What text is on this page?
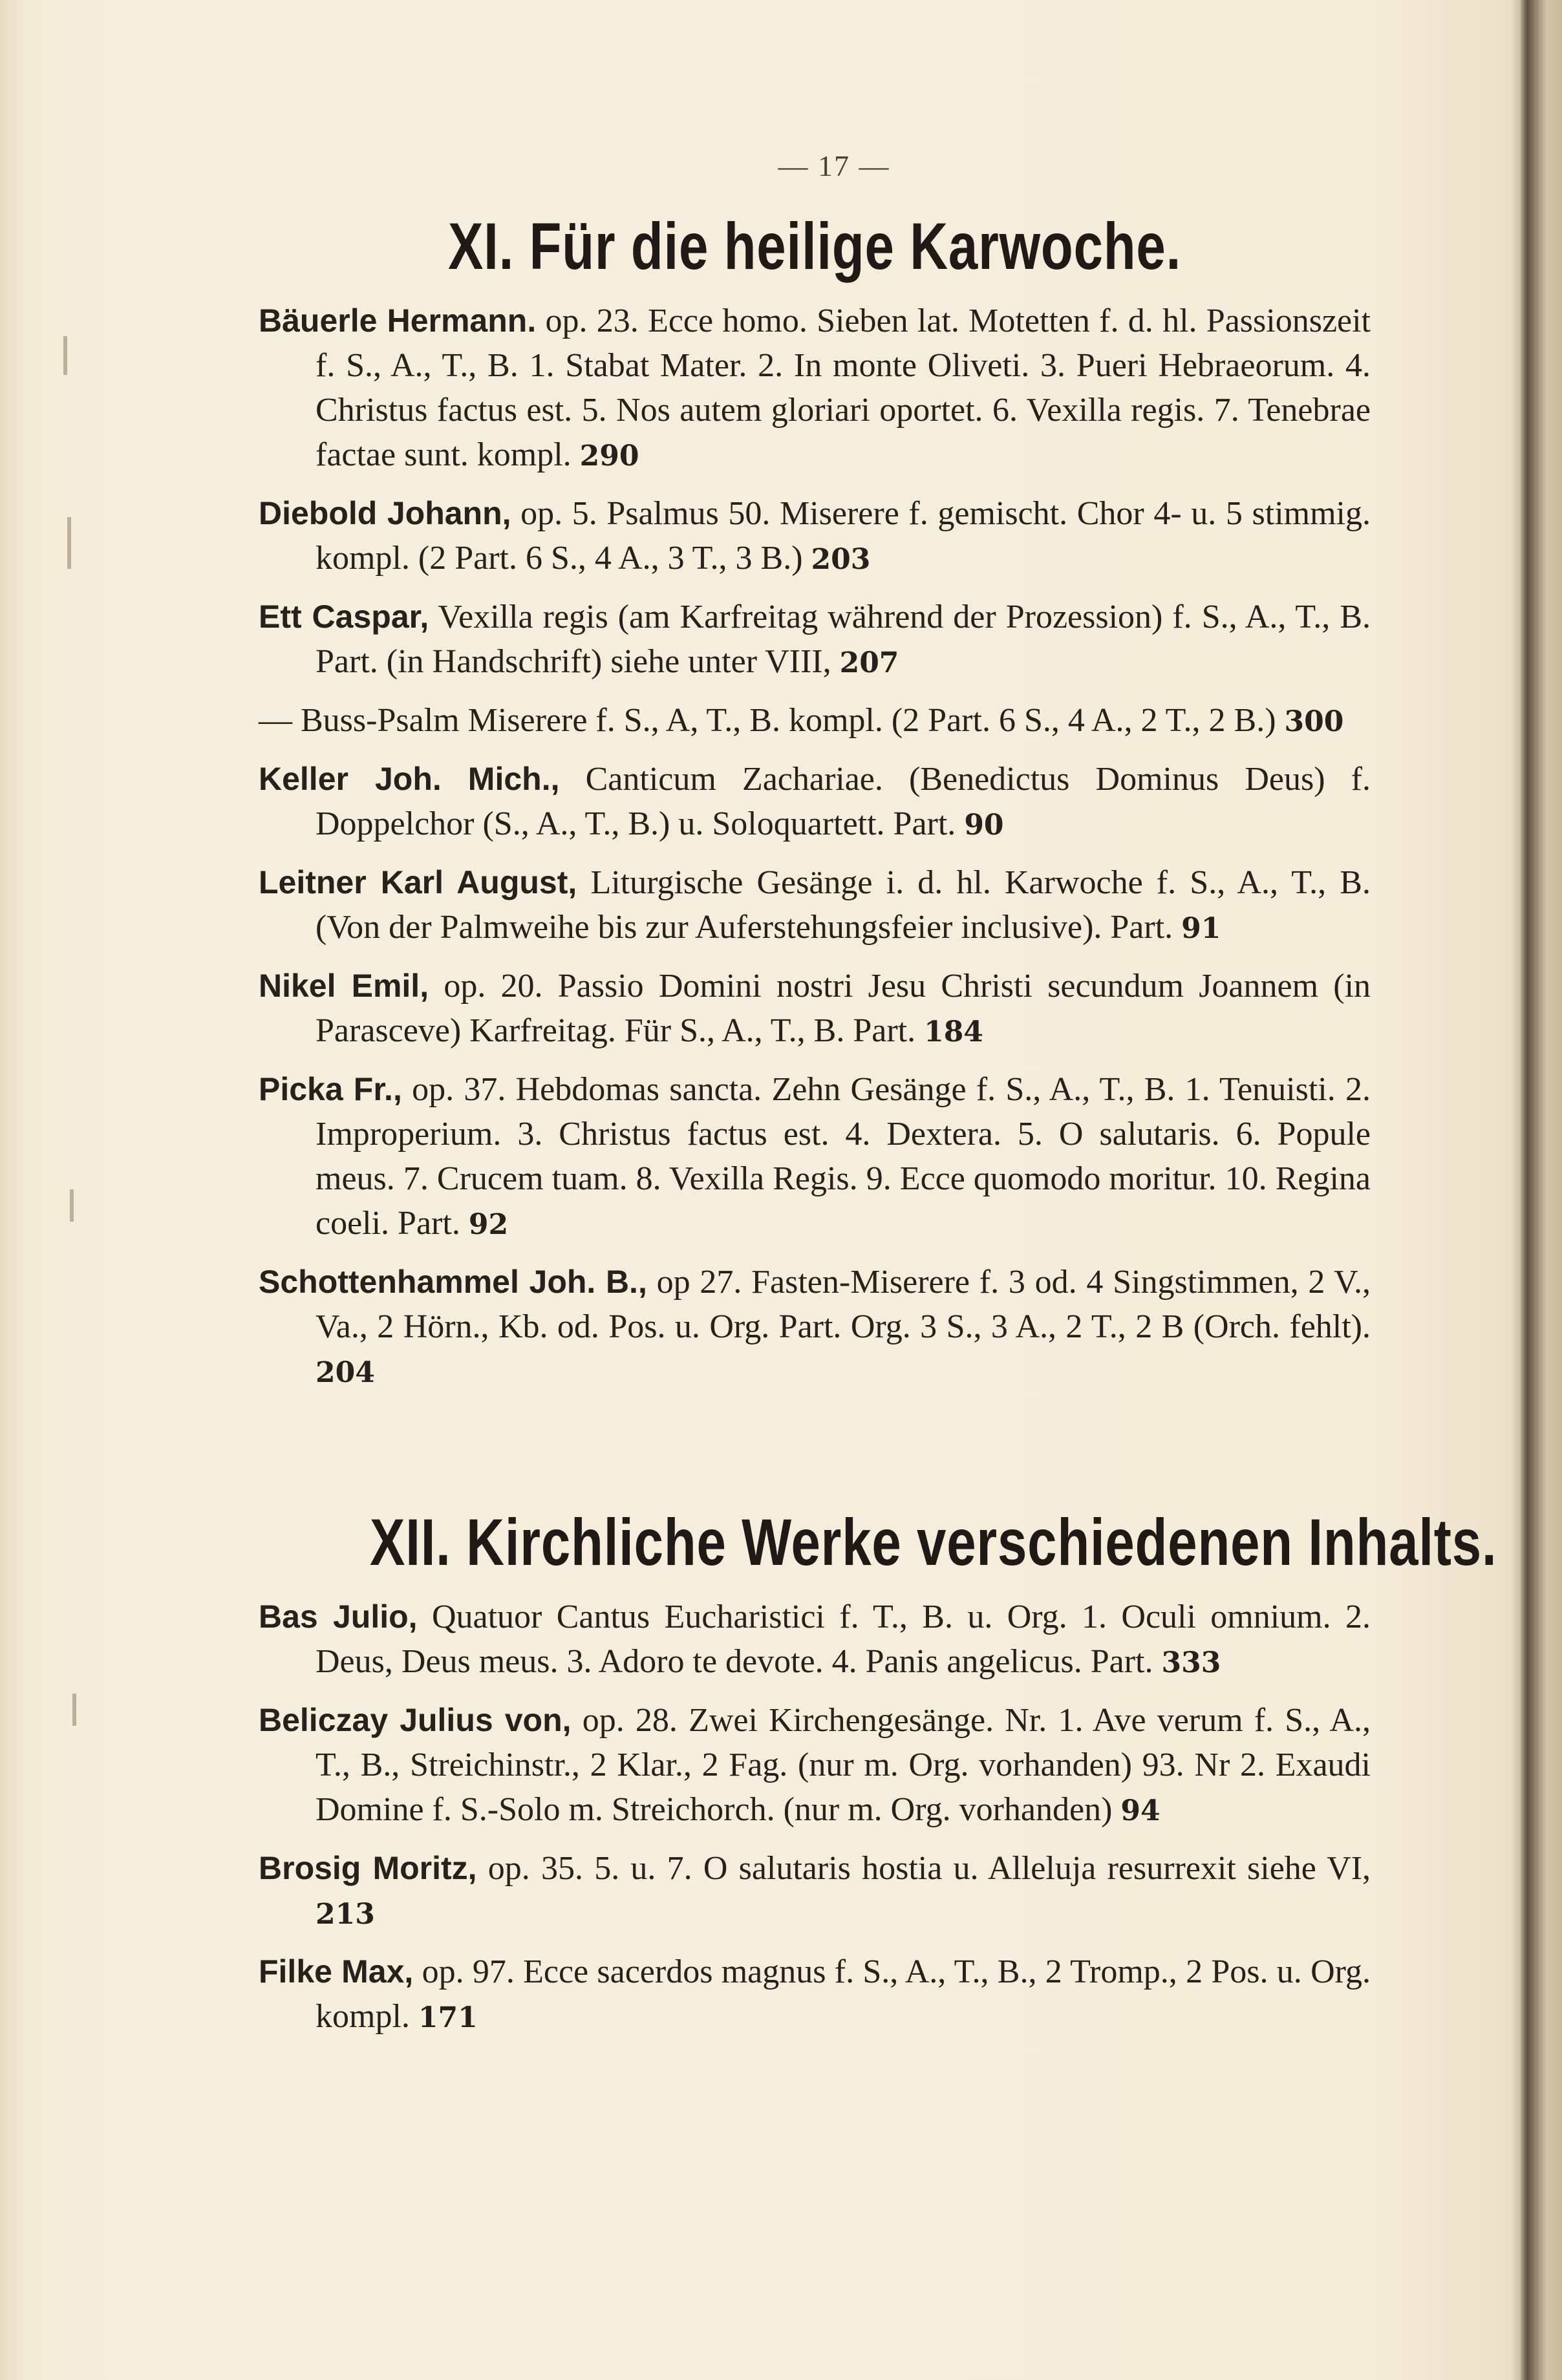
— 17 —
XI. Für die heilige Karwoche.
Bäuerle Hermann. op. 23. Ecce homo. Sieben lat. Motetten f. d. hl. Passionszeit f. S., A., T., B. 1. Stabat Mater. 2. In monte Oliveti. 3. Pueri Hebraeorum. 4. Christus factus est. 5. Nos autem gloriari oportet. 6. Vexilla regis. 7. Tenebrae factae sunt. kompl. 290
Diebold Johann, op. 5. Psalmus 50. Miserere f. gemischt. Chor 4- u. 5 stimmig. kompl. (2 Part. 6 S., 4 A., 3 T., 3 B.) 203
Ett Caspar, Vexilla regis (am Karfreitag während der Prozession) f. S., A., T., B. Part. (in Handschrift) siehe unter VIII, 207
— Buss-Psalm Miserere f. S., A, T., B. kompl. (2 Part. 6 S., 4 A., 2 T., 2 B.) 300
Keller Joh. Mich., Canticum Zachariae. (Benedictus Dominus Deus) f. Doppelchor (S., A., T., B.) u. Soloquartett. Part. 90
Leitner Karl August, Liturgische Gesänge i. d. hl. Karwoche f. S., A., T., B. (Von der Palmweihe bis zur Auferstehungsfeier inclusive). Part. 91
Nikel Emil, op. 20. Passio Domini nostri Jesu Christi secundum Joannem (in Parasceve) Karfreitag. Für S., A., T., B. Part. 184
Picka Fr., op. 37. Hebdomas sancta. Zehn Gesänge f. S., A., T., B. 1. Tenuisti. 2. Improperium. 3. Christus factus est. 4. Dextera. 5. O salutaris. 6. Popule meus. 7. Crucem tuam. 8. Vexilla Regis. 9. Ecce quomodo moritur. 10. Regina coeli. Part. 92
Schottenhammel Joh. B., op 27. Fasten-Miserere f. 3 od. 4 Singstimmen, 2 V., Va., 2 Hörn., Kb. od. Pos. u. Org. Part. Org. 3 S., 3 A., 2 T., 2 B (Orch. fehlt). 204
XII. Kirchliche Werke verschiedenen Inhalts.
Bas Julio, Quatuor Cantus Eucharistici f. T., B. u. Org. 1. Oculi omnium. 2. Deus, Deus meus. 3. Adoro te devote. 4. Panis angelicus. Part. 333
Beliczay Julius von, op. 28. Zwei Kirchengesänge. Nr. 1. Ave verum f. S., A., T., B., Streichinstr., 2 Klar., 2 Fag. (nur m. Org. vorhanden) 93. Nr 2. Exaudi Domine f. S.-Solo m. Streichorch. (nur m. Org. vorhanden) 94
Brosig Moritz, op. 35. 5. u. 7. O salutaris hostia u. Alleluja resurrexit siehe VI, 213
Filke Max, op. 97. Ecce sacerdos magnus f. S., A., T., B., 2 Tromp., 2 Pos. u. Org. kompl. 171
